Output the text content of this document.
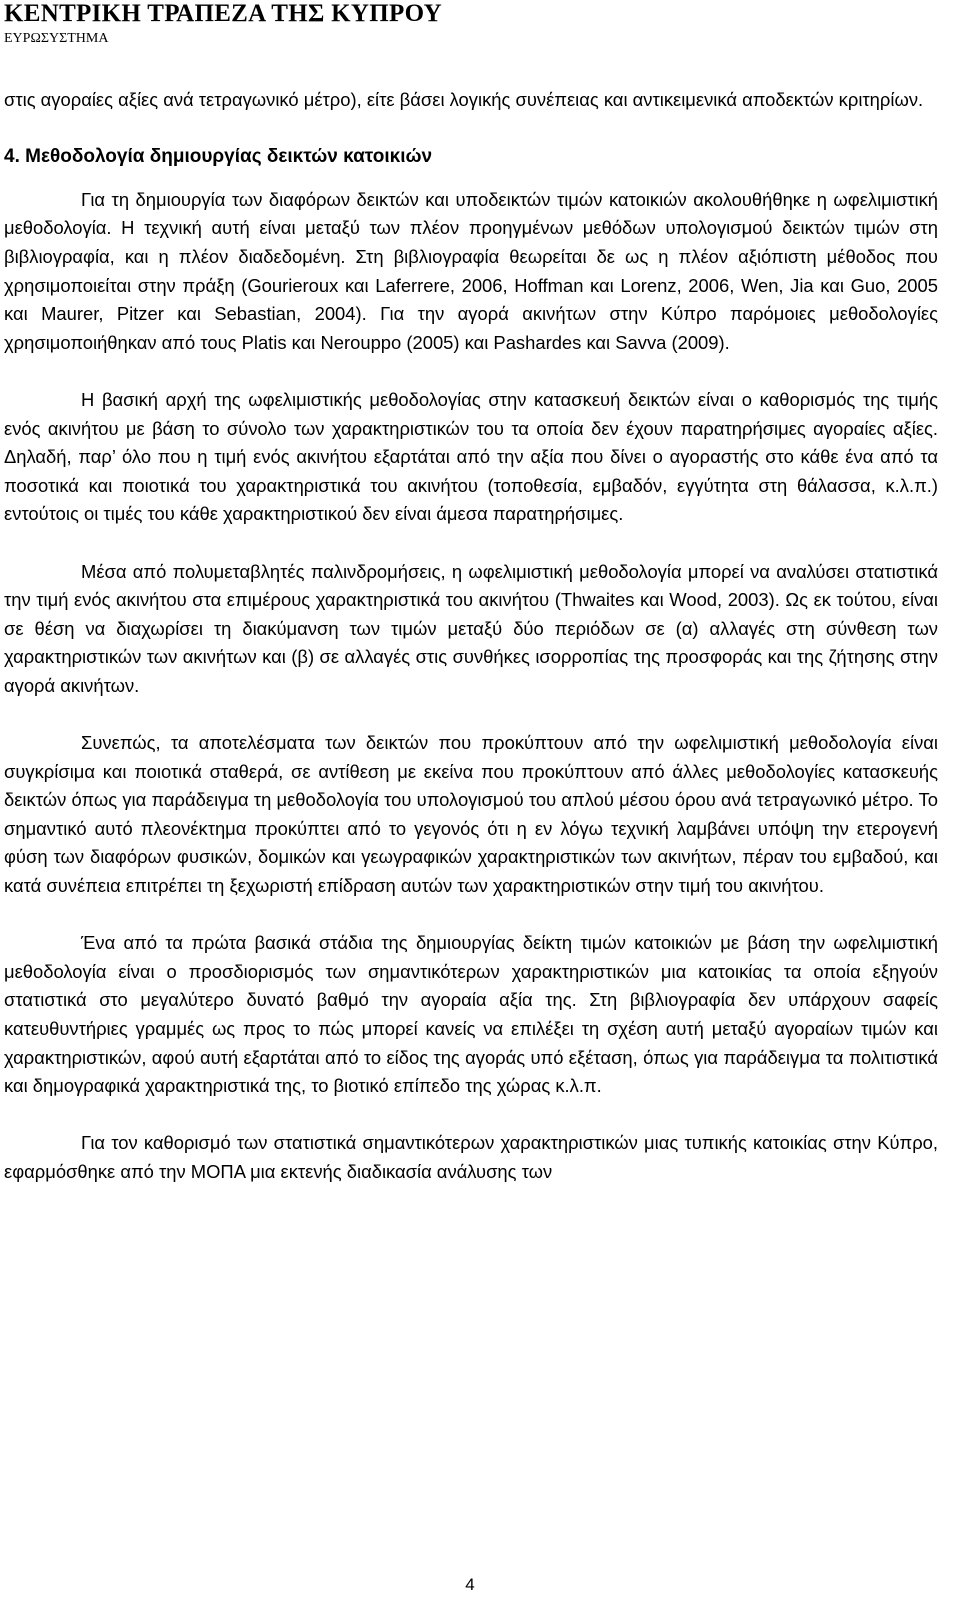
ΚΕΝΤΡΙΚΗ ΤΡΑΠΕΖΑ ΤΗΣ ΚΥΠΡΟΥ
ΕΥΡΩΣΥΣΤΗΜΑ

στις αγοραίες αξίες ανά τετραγωνικό μέτρο), είτε βάσει λογικής συνέπειας και αντικειμενικά αποδεκτών κριτηρίων.

4. Μεθοδολογία δημιουργίας δεικτών κατοικιών

Για τη δημιουργία των διαφόρων δεικτών και υποδεικτών τιμών κατοικιών ακολουθήθηκε η ωφελιμιστική μεθοδολογία. Η τεχνική αυτή είναι μεταξύ των πλέον προηγμένων μεθόδων υπολογισμού δεικτών τιμών στη βιβλιογραφία, και η πλέον διαδεδομένη. Στη βιβλιογραφία θεωρείται δε ως η πλέον αξιόπιστη μέθοδος που χρησιμοποιείται στην πράξη (Gourieroux και Laferrere, 2006, Hoffman και Lorenz, 2006, Wen, Jia και Guo, 2005 και Maurer, Pitzer και Sebastian, 2004). Για την αγορά ακινήτων στην Κύπρο παρόμοιες μεθοδολογίες χρησιμοποιήθηκαν από τους Platis και Nerouppo (2005) και Pashardes και Savva (2009).

Η βασική αρχή της ωφελιμιστικής μεθοδολογίας στην κατασκευή δεικτών είναι ο καθορισμός της τιμής ενός ακινήτου με βάση το σύνολο των χαρακτηριστικών του τα οποία δεν έχουν παρατηρήσιμες αγοραίες αξίες. Δηλαδή, παρ’ όλο που η τιμή ενός ακινήτου εξαρτάται από την αξία που δίνει ο αγοραστής στο κάθε ένα από τα ποσοτικά και ποιοτικά του χαρακτηριστικά του ακινήτου (τοποθεσία, εμβαδόν, εγγύτητα στη θάλασσα, κ.λ.π.) εντούτοις οι τιμές του κάθε χαρακτηριστικού δεν είναι άμεσα παρατηρήσιμες.

Μέσα από πολυμεταβλητές παλινδρομήσεις, η ωφελιμιστική μεθοδολογία μπορεί να αναλύσει στατιστικά την τιμή ενός ακινήτου στα επιμέρους χαρακτηριστικά του ακινήτου (Thwaites και Wood, 2003). Ως εκ τούτου, είναι σε θέση να διαχωρίσει τη διακύμανση των τιμών μεταξύ δύο περιόδων σε (α) αλλαγές στη σύνθεση των χαρακτηριστικών των ακινήτων και (β) σε αλλαγές στις συνθήκες ισορροπίας της προσφοράς και της ζήτησης στην αγορά ακινήτων.

Συνεπώς, τα αποτελέσματα των δεικτών που προκύπτουν από την ωφελιμιστική μεθοδολογία είναι συγκρίσιμα και ποιοτικά σταθερά, σε αντίθεση με εκείνα που προκύπτουν από άλλες μεθοδολογίες κατασκευής δεικτών όπως για παράδειγμα τη μεθοδολογία του υπολογισμού του απλού μέσου όρου ανά τετραγωνικό μέτρο. Το σημαντικό αυτό πλεονέκτημα προκύπτει από το γεγονός ότι η εν λόγω τεχνική λαμβάνει υπόψη την ετερογενή φύση των διαφόρων φυσικών, δομικών και γεωγραφικών χαρακτηριστικών των ακινήτων, πέραν του εμβαδού, και κατά συνέπεια επιτρέπει τη ξεχωριστή επίδραση αυτών των χαρακτηριστικών στην τιμή του ακινήτου.

Ένα από τα πρώτα βασικά στάδια της δημιουργίας δείκτη τιμών κατοικιών με βάση την ωφελιμιστική μεθοδολογία είναι ο προσδιορισμός των σημαντικότερων χαρακτηριστικών μια κατοικίας τα οποία εξηγούν στατιστικά στο μεγαλύτερο δυνατό βαθμό την αγοραία αξία της. Στη βιβλιογραφία δεν υπάρχουν σαφείς κατευθυντήριες γραμμές ως προς το πώς μπορεί κανείς να επιλέξει τη σχέση αυτή μεταξύ αγοραίων τιμών και χαρακτηριστικών, αφού αυτή εξαρτάται από το είδος της αγοράς υπό εξέταση, όπως για παράδειγμα τα πολιτιστικά και δημογραφικά χαρακτηριστικά της, το βιοτικό επίπεδο της χώρας κ.λ.π.

Για τον καθορισμό των στατιστικά σημαντικότερων χαρακτηριστικών μιας τυπικής κατοικίας στην Κύπρο, εφαρμόσθηκε από την ΜΟΠΑ μια εκτενής διαδικασία ανάλυσης των

4
